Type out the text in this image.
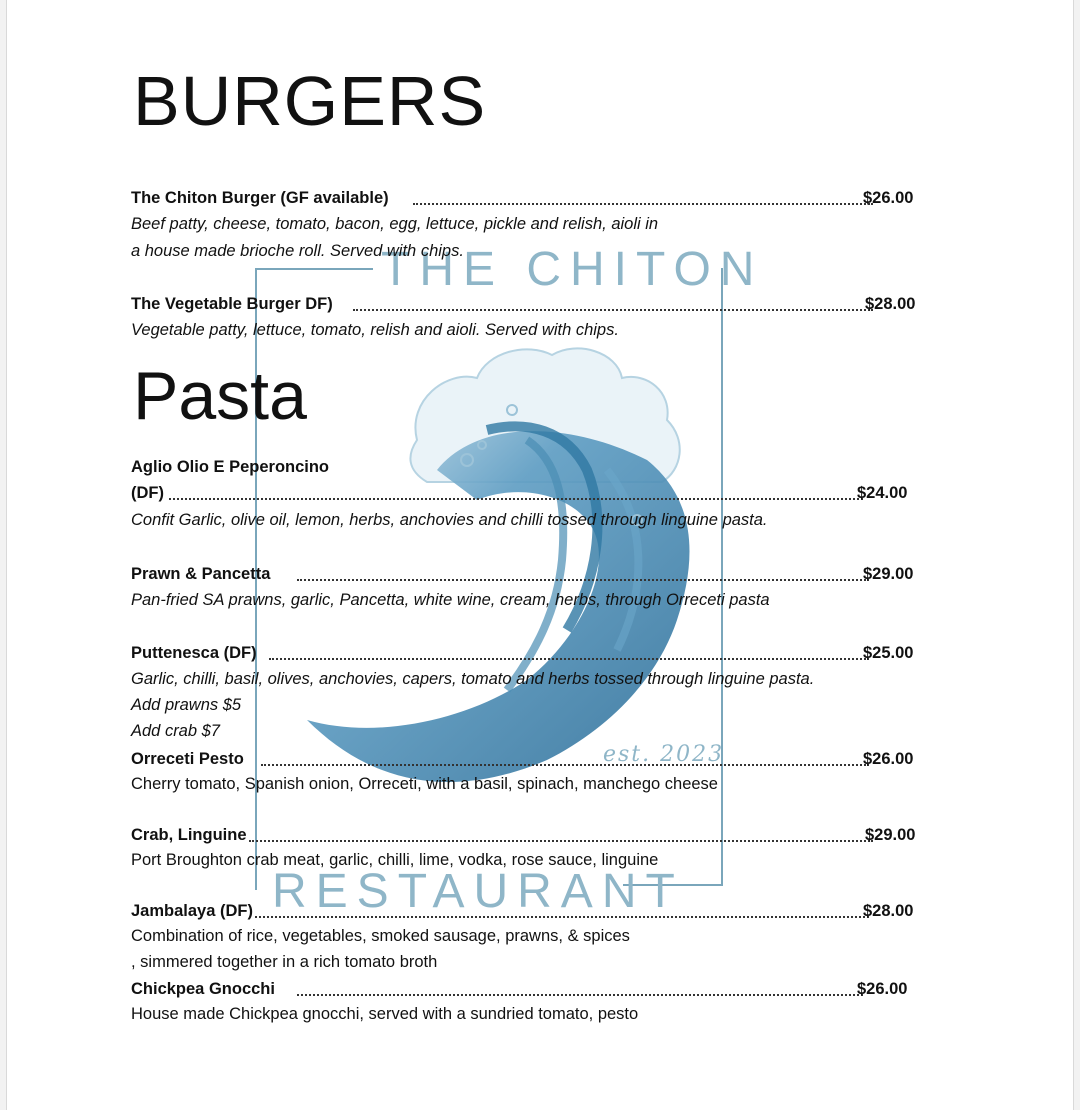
THE CHITON
RESTAURANT
est. 2023
BURGERS
The Chiton Burger (GF available)	$26.00
Beef patty, cheese, tomato, bacon, egg, lettuce, pickle and relish, aioli in
a house made brioche roll. Served with chips.
The Vegetable Burger DF)	$28.00
Vegetable patty, lettuce, tomato, relish and aioli. Served with chips.
Pasta
Aglio Olio E Peperoncino
(DF)	$24.00
Confit Garlic, olive oil, lemon, herbs, anchovies and chilli tossed through linguine pasta.
Prawn & Pancetta	$29.00
Pan-fried SA prawns, garlic, Pancetta, white wine, cream, herbs, through Orreceti pasta
Puttenesca (DF)	$25.00
Garlic, chilli, basil, olives, anchovies, capers, tomato and herbs tossed through linguine pasta.
Add prawns $5
Add crab $7
Orreceti Pesto	$26.00
Cherry tomato, Spanish onion, Orreceti, with a basil, spinach, manchego cheese
Crab, Linguine	$29.00
Port Broughton crab meat, garlic, chilli, lime, vodka, rose sauce, linguine
Jambalaya (DF)	$28.00
Combination of rice, vegetables, smoked sausage, prawns, & spices
, simmered together in a rich tomato broth
Chickpea Gnocchi	$26.00
House made Chickpea gnocchi, served with a sundried tomato, pesto
